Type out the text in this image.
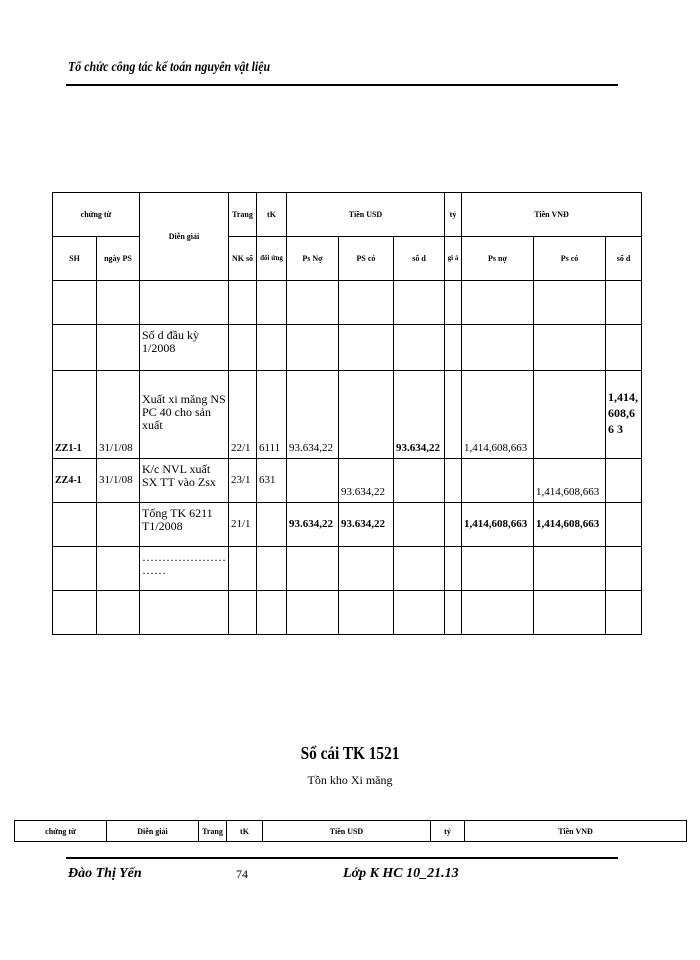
Tổ chức công tác kế toán nguyên vật liệu
chứng từ		Diễn giải	Trang	tK	Tiền USD			tỷ	Tiền VNĐ		
SH	ngày PS		NK số	đối ứng	Ps Nợ	PS có	số d	gi á	Ps nợ	Ps có	số d

		Số d đầu kỳ 1/2008									
ZZ1-1	31/1/08	Xuất xi măng NS PC 40 cho sản xuất	22/1	6111	93.634,22		93.634,22		1,414,608,663		1,414, 608,66 3
ZZ4-1	31/1/08	K/c NVL xuất SX TT vào Zsx	23/1	631		93.634,22				1,414,608,663	
		Tổng TK 6211 T1/2008	21/1		93.634,22	93.634,22			1,414,608,663	1,414,608,663	
		………………… ……									

Sổ cái TK 1521
Tồn kho Xi măng
chứng từ	Diễn giải	Trang	tK	Tiền USD	tỷ	Tiền VNĐ
Đào Thị Yến	74	Lớp K HC 10_21.13
